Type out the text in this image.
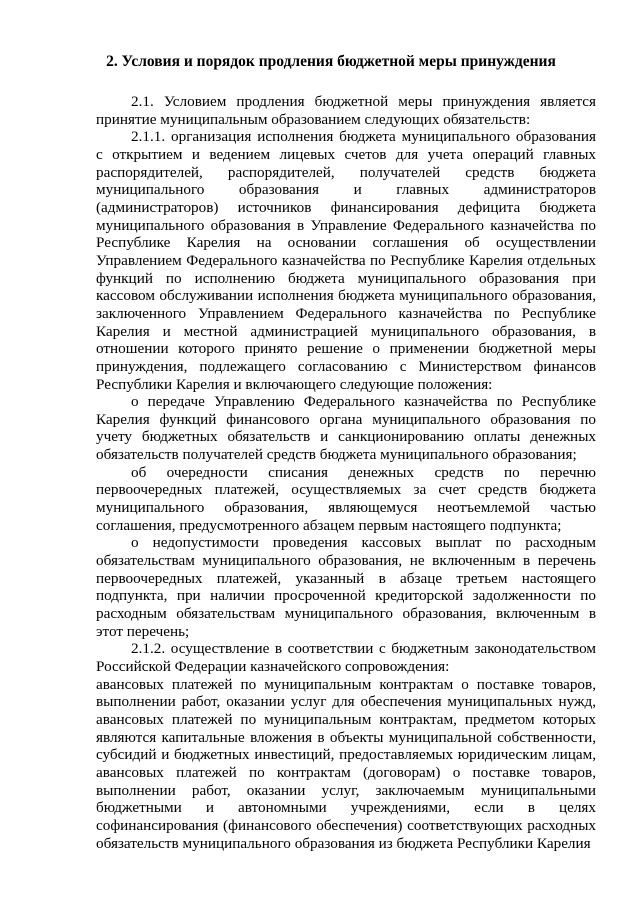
2. Условия и порядок продления бюджетной меры принуждения

2.1. Условием продления бюджетной меры принуждения является принятие муниципальным образованием следующих обязательств:

2.1.1. организация исполнения бюджета муниципального образования с открытием и ведением лицевых счетов для учета операций главных распорядителей, распорядителей, получателей средств бюджета муниципального образования и главных администраторов (администраторов) источников финансирования дефицита бюджета муниципального образования в Управление Федерального казначейства по Республике Карелия на основании соглашения об осуществлении Управлением Федерального казначейства по Республике Карелия отдельных функций по исполнению бюджета муниципального образования при кассовом обслуживании исполнения бюджета муниципального образования, заключенного Управлением Федерального казначейства по Республике Карелия и местной администрацией муниципального образования, в отношении которого принято решение о применении бюджетной меры принуждения, подлежащего согласованию с Министерством финансов Республики Карелия и включающего следующие положения:

о передаче Управлению Федерального казначейства по Республике Карелия функций финансового органа муниципального образования по учету бюджетных обязательств и санкционированию оплаты денежных обязательств получателей средств бюджета муниципального образования;

об очередности списания денежных средств по перечню первоочередных платежей, осуществляемых за счет средств бюджета муниципального образования, являющемуся неотъемлемой частью соглашения, предусмотренного абзацем первым настоящего подпункта;

о недопустимости проведения кассовых выплат по расходным обязательствам муниципального образования, не включенным в перечень первоочередных платежей, указанный в абзаце третьем настоящего подпункта, при наличии просроченной кредиторской задолженности по расходным обязательствам муниципального образования, включенным в этот перечень;

2.1.2. осуществление в соответствии с бюджетным законодательством Российской Федерации казначейского сопровождения:

авансовых платежей по муниципальным контрактам о поставке товаров, выполнении работ, оказании услуг для обеспечения муниципальных нужд, авансовых платежей по муниципальным контрактам, предметом которых являются капитальные вложения в объекты муниципальной собственности, субсидий и бюджетных инвестиций, предоставляемых юридическим лицам, авансовых платежей по контрактам (договорам) о поставке товаров, выполнении работ, оказании услуг, заключаемым муниципальными бюджетными и автономными учреждениями, если в целях софинансирования (финансового обеспечения) соответствующих расходных обязательств муниципального образования из бюджета Республики Карелия
